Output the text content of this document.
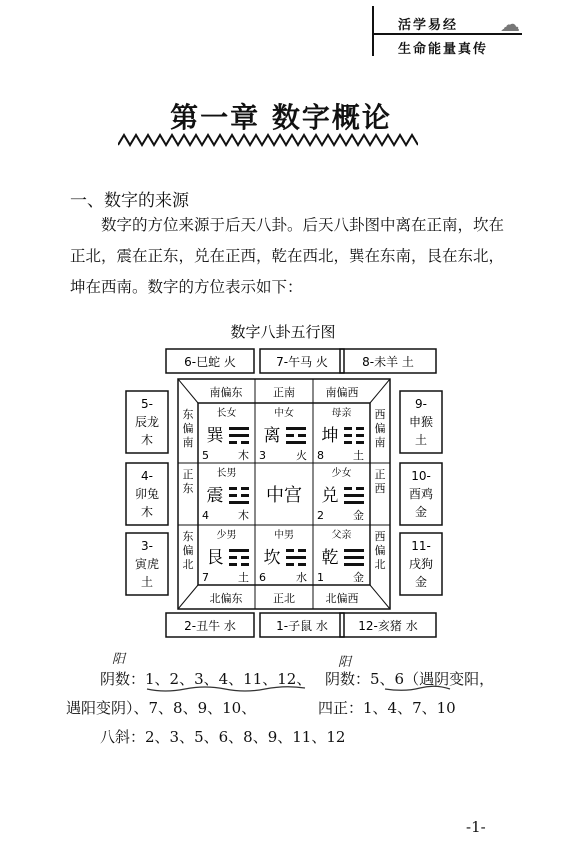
活学易经
生命能量真传
☁
第一章 数字概论
一、数字的来源
数字的方位来源于后天八卦。后天八卦图中离在正南，坎在正北，震在正东，兑在正西，乾在西北，巽在东南，艮在东北，坤在西南。数字的方位表示如下：
数字八卦五行图
6-巳蛇 火	7-午马 火	8-未羊 土
2-丑牛 水	1-子鼠 水	12-亥猪 水
5-
辰龙
木
4-
卯兔
木
3-
寅虎
土
9-
申猴
土
10-
酉鸡
金
11-
戌狗
金
南偏东	正南	南偏西
北偏东	正北	北偏西
东
偏
南
正
东
东
偏
北
西
偏
南
正
西
西
偏
北
中宫
长女
巽
5	木
中女
离
3	火
母亲
坤
8	土
长男
震
4	木
少女
兑
2	金
少男
艮
7	土
中男
坎
6	水
父亲
乾
1	金
阳	阳
阴数：1、2、3、4、11、12、 阴数：5、6（遇阴变阳，
遇阳变阴）、7、8、9、10、	四正：1、4、7、10
八斜：2、3、5、6、8、9、11、12
-1-
